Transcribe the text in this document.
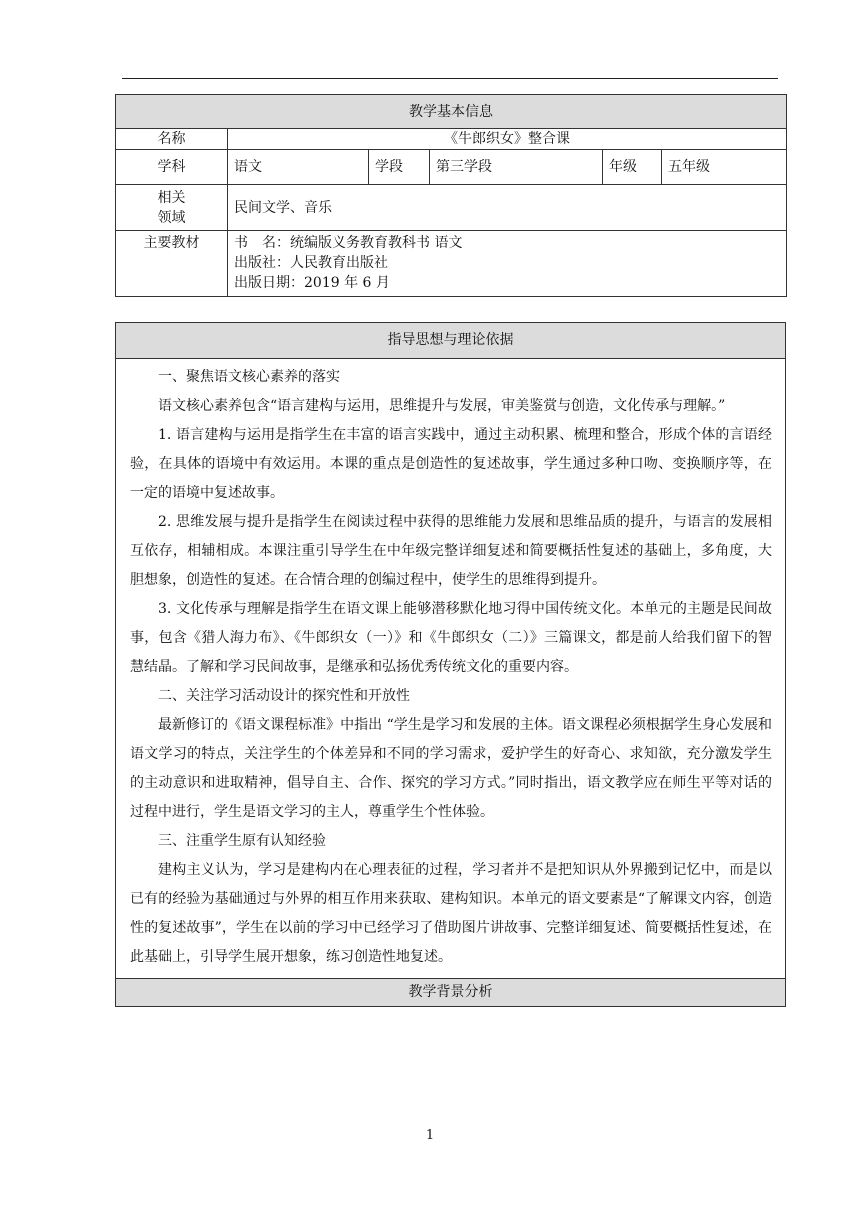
教学基本信息					
名称	《牛郎织女》整合课				
学科	语文	学段	第三学段	年级	五年级

相关
领域	民间文学、音乐				
主要教材	书　名：统编版义务教育教科书 语文
出版社：人民教育出版社
出版日期：2019 年 6 月				
指导思想与理论依据

一、聚焦语文核心素养的落实

语文核心素养包含“语言建构与运用，思维提升与发展，审美鉴赏与创造，文化传承与理解。”

1. 语言建构与运用是指学生在丰富的语言实践中，通过主动积累、梳理和整合，形成个体的言语经验，在具体的语境中有效运用。本课的重点是创造性的复述故事，学生通过多种口吻、变换顺序等，在一定的语境中复述故事。

2. 思维发展与提升是指学生在阅读过程中获得的思维能力发展和思维品质的提升，与语言的发展相互依存，相辅相成。本课注重引导学生在中年级完整详细复述和简要概括性复述的基础上，多角度，大胆想象，创造性的复述。在合情合理的创编过程中，使学生的思维得到提升。

3. 文化传承与理解是指学生在语文课上能够潜移默化地习得中国传统文化。本单元的主题是民间故事，包含《猎人海力布》、《牛郎织女（一）》和《牛郎织女（二）》三篇课文，都是前人给我们留下的智慧结晶。了解和学习民间故事，是继承和弘扬优秀传统文化的重要内容。

二、关注学习活动设计的探究性和开放性

最新修订的《语文课程标准》中指出 “学生是学习和发展的主体。语文课程必须根据学生身心发展和语文学习的特点，关注学生的个体差异和不同的学习需求，爱护学生的好奇心、求知欲，充分激发学生的主动意识和进取精神，倡导自主、合作、探究的学习方式。”同时指出，语文教学应在师生平等对话的过程中进行，学生是语文学习的主人，尊重学生个性体验。

三、注重学生原有认知经验

建构主义认为，学习是建构内在心理表征的过程，学习者并不是把知识从外界搬到记忆中，而是以已有的经验为基础通过与外界的相互作用来获取、建构知识。本单元的语文要素是“了解课文内容，创造性的复述故事”，学生在以前的学习中已经学习了借助图片讲故事、完整详细复述、简要概括性复述，在此基础上，引导学生展开想象，练习创造性地复述。

教学背景分析
1
